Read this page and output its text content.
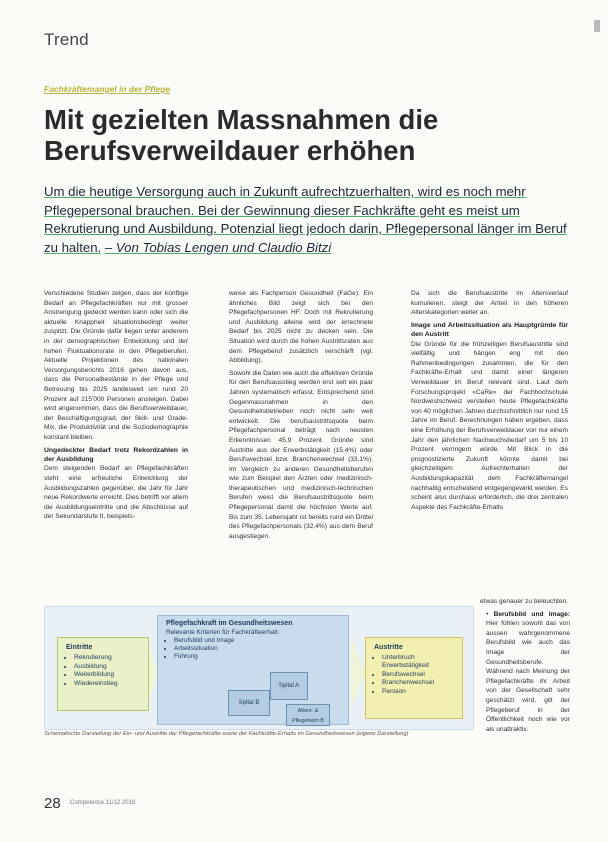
Trend
Fachkräftemangel in der Pflege
Mit gezielten Massnahmen die Berufsverweildauer erhöhen

Um die heutige Versorgung auch in Zukunft aufrechtzuerhalten, wird es noch mehr Pflegepersonal brauchen. Bei der Gewinnung dieser Fachkräfte geht es meist um Rekrutierung und Ausbildung. Potenzial liegt jedoch darin, Pflegepersonal länger im Beruf zu halten. – Von Tobias Lengen und Claudio Bitzi

Verschiedene Studien zeigen, dass der künftige Bedarf an Pflegefachkräften nur mit grosser Anstrengung gedeckt werden kann oder sich die aktuelle Knappheit situationsbedingt weiter zuspitzt. Die Gründe dafür liegen unter anderem in der demographischen Entwicklung und der hohen Fluktuationsrate in den Pflegeberufen. Aktuelle Projektionen des nationalen Versorgungsberichts 2016 gehen davon aus, dass die Personalbestände in der Pflege und Betreuung bis 2025 landesweit um rund 20 Prozent auf 215'000 Personen ansteigen. Dabei wird angenommen, dass die Berufsverweildauer, der Beschäftigungsgrad, der Skill- und Grade-Mix, die Produktivität und die Soziodemographie konstant bleiben.

Ungedeckter Bedarf trotz Rekordzahlen in der Ausbildung

Dem steigenden Bedarf an Pflegefachkräften steht eine erfreuliche Entwicklung der Ausbildungszahlen gegenüber, die Jahr für Jahr neue Rekordwerte erreicht. Dies betrifft vor allem die Ausbildungseintritte und die Abschlüsse auf der Sekundarstufe II, beispiels-

weise als Fachperson Gesundheit (FaGe). Ein ähnliches Bild zeigt sich bei den Pflegefachpersonen HF. Doch mit Rekrutierung und Ausbildung alleine wird der errechnete Bedarf bis 2025 nicht zu decken sein. Die Situation wird durch die hohen Austrittsraten aus dem Pflegeberuf zusätzlich verschärft (vgl. Abbildung).

Sowohl die Daten wie auch die effektiven Gründe für den Berufsausstieg werden erst seit ein paar Jahren systematisch erfasst. Entsprechend sind Gegenmassnahmen in den Gesundheitsbetrieben noch nicht sehr weit entwickelt. Die berufsaustrittsquote beim Pflegefachpersonal beträgt nach neusten Erkenntnissen 45,9 Prozent. Gründe sind Austritte aus der Erwerbstätigkeit (15,4%) oder Berufswechsel bzw. Branchenwechsel (33,1%). Im Vergleich zu anderen Gesundheitsberufen wie zum Beispiel den Ärzten oder medizinisch-therapeutischen und medizinisch-technischen Berufen weist die Berufsaustrittsquote beim Pflegepersonal damit die höchsten Werte auf. Bis zum 35. Lebensjahr ist bereits rund ein Drittel des Pflegefachpersonals (32,4%) aus dem Beruf ausgestiegen.

Da sich die Berufsaustritte im Altersverlauf kumulieren, steigt der Anteil in den höheren Alterskategorien weiter an.

Image und Arbeitssituation als Hauptgründe für den Austritt

Die Gründe für die frühzeitigen Berufsaustritte sind vielfältig und hängen eng mit den Rahmenbedingungen zusammen, die für den Fachkräfte-Erhalt und damit einer längeren Verweildauer im Beruf relevant sind. Laut dem Forschungsprojekt «CaRe» der Fachhochschule Nordwestschweiz verstellen heute Pflegefachkräfte von 40 möglichen Jahren durchschnittlich nur rund 15 Jahre im Beruf. Berechnungen haben ergeben, dass eine Erhöhung der Berufsverweildauer von nur einem Jahr den jährlichen Nachwuchsbedarf um 5 bis 10 Prozent verringern würde. Mit Blick in die prognostizierte Zukunft könnte damit bei gleichzeitigem Aufrechterhalten der Ausbildungskapazität dem Fachkräftemangel nachhaltig entscheidend entgegengewirkt werden. Es scheint also durchaus erforderlich, die drei zentralen Aspekte des Fachkräfte-Erhalts

etwas genauer zu beleuchten.

• Berufsbild und Image: Hier fühlen sowohl das von aussen wahrgenommene Berufsbild wie auch das Image der Gesundheitsberufe. Während nach Meinung der Pflegefachkräfte ihr Arbeit von der Gesellschaft sehr geschätzt wird, gilt der Pflegeberuf in der Öffentlichkeit noch wie vor als unattraktiv.
Eintritte
• Rekrutierung
• Ausbildung
• Weiterbildung
• Wiedereinstieg
Pflegefachkraft im Gesundheitswesen
Relevante Kriterien für Fachkräfteerhalt:
• Berufsbild und Image
• Arbeitssituation
• Führung
Spital A
Spital B
Alters- & Pflegeheim B
Austritte
• Unterbruch Erwerbstätigkeit
• Berufswechsel
• Branchenwechsel
• Pension
Schematische Darstellung der Ein- und Austritte der Pflegefachkräfte sowie der Fachkräfte-Erhalts im Gesundheitswesen (eigene Darstellung)
28 Competence 11/12 2018
